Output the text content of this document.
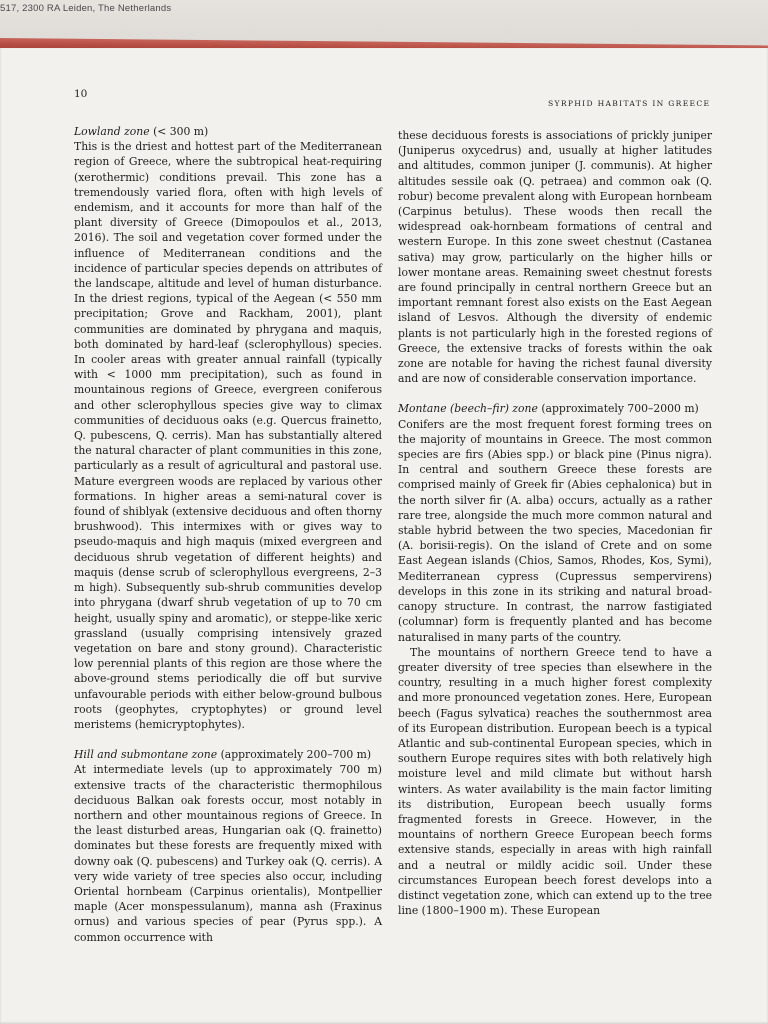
517, 2300 RA Leiden, The Netherlands
10
SYRPHID HABITATS IN GREECE
Lowland zone (< 300 m)

This is the driest and hottest part of the Mediterranean region of Greece, where the subtropical heat-requiring (xerothermic) conditions prevail. This zone has a tremendously varied flora, often with high levels of endemism, and it accounts for more than half of the plant diversity of Greece (Dimopoulos et al., 2013, 2016). The soil and vegetation cover formed under the influence of Mediterranean conditions and the incidence of particular species depends on attributes of the landscape, altitude and level of human disturbance. In the driest regions, typical of the Aegean (< 550 mm precipitation; Grove and Rackham, 2001), plant communities are dominated by phrygana and maquis, both dominated by hard-leaf (sclerophyllous) species. In cooler areas with greater annual rainfall (typically with < 1000 mm precipitation), such as found in mountainous regions of Greece, evergreen coniferous and other sclerophyllous species give way to climax communities of deciduous oaks (e.g. Quercus frainetto, Q. pubescens, Q. cerris). Man has substantially altered the natural character of plant communities in this zone, particularly as a result of agricultural and pastoral use. Mature evergreen woods are replaced by various other formations. In higher areas a semi-natural cover is found of shiblyak (extensive deciduous and often thorny brushwood). This intermixes with or gives way to pseudo-maquis and high maquis (mixed evergreen and deciduous shrub vegetation of different heights) and maquis (dense scrub of sclerophyllous evergreens, 2–3 m high). Subsequently sub-shrub communities develop into phrygana (dwarf shrub vegetation of up to 70 cm height, usually spiny and aromatic), or steppe-like xeric grassland (usually comprising intensively grazed vegetation on bare and stony ground). Characteristic low perennial plants of this region are those where the above-ground stems periodically die off but survive unfavourable periods with either below-ground bulbous roots (geophytes, cryptophytes) or ground level meristems (hemicryptophytes).

Hill and submontane zone (approximately 200–700 m)

At intermediate levels (up to approximately 700 m) extensive tracts of the characteristic thermophilous deciduous Balkan oak forests occur, most notably in northern and other mountainous regions of Greece. In the least disturbed areas, Hungarian oak (Q. frainetto) dominates but these forests are frequently mixed with downy oak (Q. pubescens) and Turkey oak (Q. cerris). A very wide variety of tree species also occur, including Oriental hornbeam (Carpinus orientalis), Montpellier maple (Acer monspessulanum), manna ash (Fraxinus ornus) and various species of pear (Pyrus spp.). A common occurrence with

these deciduous forests is associations of prickly juniper (Juniperus oxycedrus) and, usually at higher latitudes and altitudes, common juniper (J. communis). At higher altitudes sessile oak (Q. petraea) and common oak (Q. robur) become prevalent along with European hornbeam (Carpinus betulus). These woods then recall the widespread oak-hornbeam formations of central and western Europe. In this zone sweet chestnut (Castanea sativa) may grow, particularly on the higher hills or lower montane areas. Remaining sweet chestnut forests are found principally in central northern Greece but an important remnant forest also exists on the East Aegean island of Lesvos. Although the diversity of endemic plants is not particularly high in the forested regions of Greece, the extensive tracks of forests within the oak zone are notable for having the richest faunal diversity and are now of considerable conservation importance.

Montane (beech–fir) zone (approximately 700–2000 m)

Conifers are the most frequent forest forming trees on the majority of mountains in Greece. The most common species are firs (Abies spp.) or black pine (Pinus nigra). In central and southern Greece these forests are comprised mainly of Greek fir (Abies cephalonica) but in the north silver fir (A. alba) occurs, actually as a rather rare tree, alongside the much more common natural and stable hybrid between the two species, Macedonian fir (A. borisii-regis). On the island of Crete and on some East Aegean islands (Chios, Samos, Rhodes, Kos, Symi), Mediterranean cypress (Cupressus sempervirens) develops in this zone in its striking and natural broad-canopy structure. In contrast, the narrow fastigiated (columnar) form is frequently planted and has become naturalised in many parts of the country.

The mountains of northern Greece tend to have a greater diversity of tree species than elsewhere in the country, resulting in a much higher forest complexity and more pronounced vegetation zones. Here, European beech (Fagus sylvatica) reaches the southernmost area of its European distribution. European beech is a typical Atlantic and sub-continental European species, which in southern Europe requires sites with both relatively high moisture level and mild climate but without harsh winters. As water availability is the main factor limiting its distribution, European beech usually forms fragmented forests in Greece. However, in the mountains of northern Greece European beech forms extensive stands, especially in areas with high rainfall and a neutral or mildly acidic soil. Under these circumstances European beech forest develops into a distinct vegetation zone, which can extend up to the tree line (1800–1900 m). These European
